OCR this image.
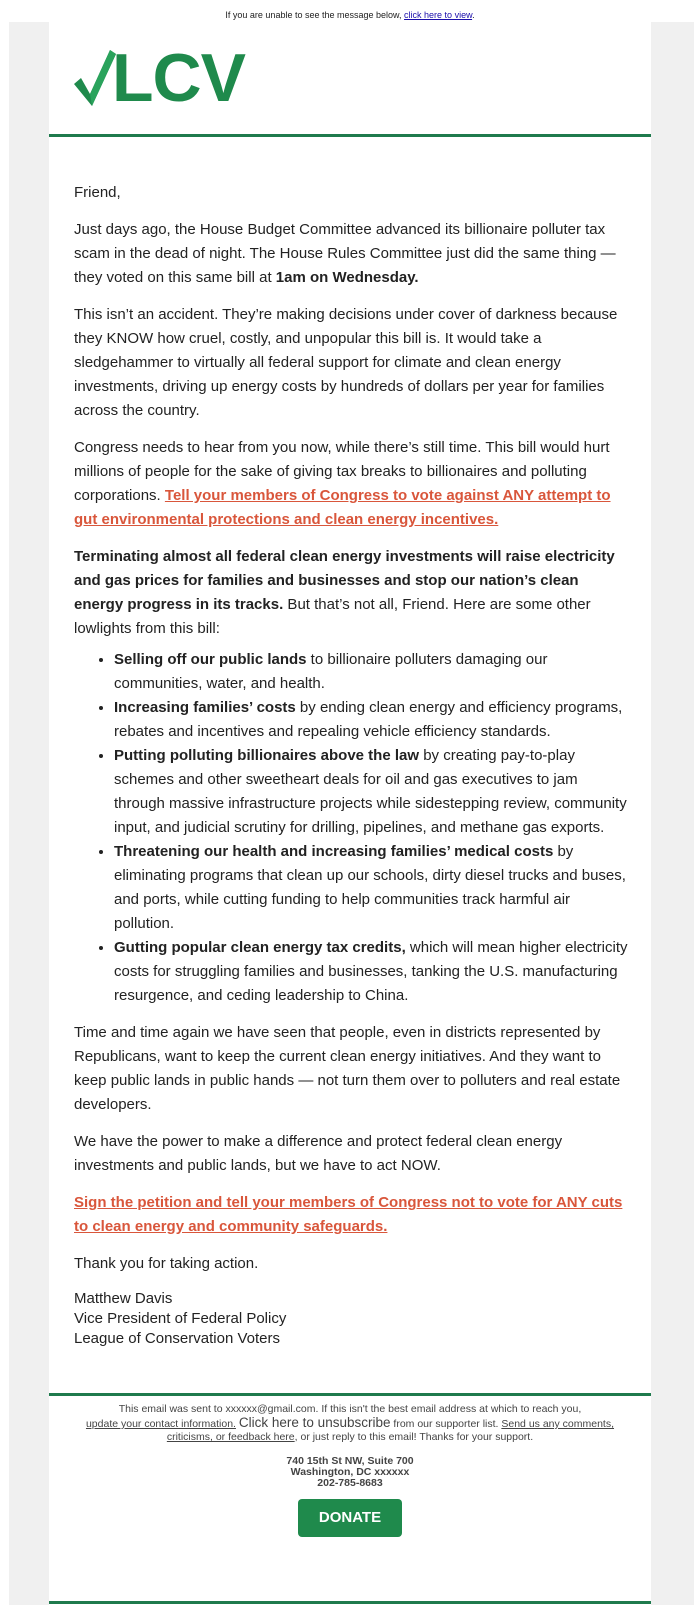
If you are unable to see the message below, click here to view.
LCV

Friend,

Just days ago, the House Budget Committee advanced its billionaire polluter tax scam in the dead of night. The House Rules Committee just did the same thing — they voted on this same bill at 1am on Wednesday.

This isn’t an accident. They’re making decisions under cover of darkness because they KNOW how cruel, costly, and unpopular this bill is. It would take a sledgehammer to virtually all federal support for climate and clean energy investments, driving up energy costs by hundreds of dollars per year for families across the country.

Congress needs to hear from you now, while there’s still time. This bill would hurt millions of people for the sake of giving tax breaks to billionaires and polluting corporations. Tell your members of Congress to vote against ANY attempt to gut environmental protections and clean energy incentives.

Terminating almost all federal clean energy investments will raise electricity and gas prices for families and businesses and stop our nation’s clean energy progress in its tracks. But that’s not all, Friend. Here are some other lowlights from this bill:

• Selling off our public lands to billionaire polluters damaging our communities, water, and health.
• Increasing families’ costs by ending clean energy and efficiency programs, rebates and incentives and repealing vehicle efficiency standards.
• Putting polluting billionaires above the law by creating pay-to-play schemes and other sweetheart deals for oil and gas executives to jam through massive infrastructure projects while sidestepping review, community input, and judicial scrutiny for drilling, pipelines, and methane gas exports.
• Threatening our health and increasing families’ medical costs by eliminating programs that clean up our schools, dirty diesel trucks and buses, and ports, while cutting funding to help communities track harmful air pollution.
• Gutting popular clean energy tax credits, which will mean higher electricity costs for struggling families and businesses, tanking the U.S. manufacturing resurgence, and ceding leadership to China.

Time and time again we have seen that people, even in districts represented by Republicans, want to keep the current clean energy initiatives. And they want to keep public lands in public hands — not turn them over to polluters and real estate developers.

We have the power to make a difference and protect federal clean energy investments and public lands, but we have to act NOW.

Sign the petition and tell your members of Congress not to vote for ANY cuts to clean energy and community safeguards.

Thank you for taking action.

Matthew Davis
Vice President of Federal Policy
League of Conservation Voters
This email was sent to xxxxxx@gmail.com. If this isn't the best email address at which to reach you,
update your contact information. Click here to unsubscribe from our supporter list. Send us any comments, criticisms, or feedback here, or just reply to this email! Thanks for your support.
740 15th St NW, Suite 700
Washington, DC xxxxxx
202-785-8683
DONATE
